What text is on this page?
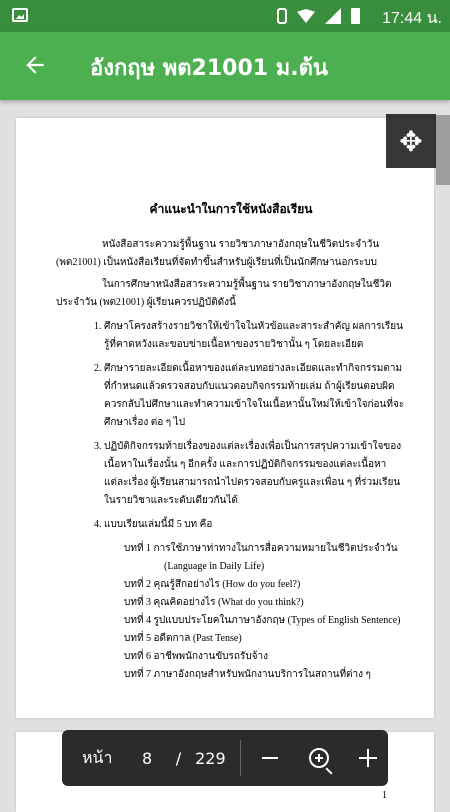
17:44 น.
อังกฤษ พต21001 ม.ต้น
คำแนะนำในการใช้หนังสือเรียน

หนังสือสาระความรู้พื้นฐาน รายวิชาภาษาอังกฤษในชีวิตประจำวัน (พต21001) เป็นหนังสือเรียนที่จัดทำขึ้นสำหรับผู้เรียนที่เป็นนักศึกษานอกระบบ

ในการศึกษาหนังสือสาระความรู้พื้นฐาน รายวิชาภาษาอังกฤษในชีวิตประจำวัน (พต21001) ผู้เรียนควรปฏิบัติดังนี้

1. ศึกษาโครงสร้างรายวิชาให้เข้าใจในหัวข้อและสาระสำคัญ ผลการเรียนรู้ที่คาดหวังและขอบข่ายเนื้อหาของรายวิชานั้น ๆ โดยละเอียด
2. ศึกษารายละเอียดเนื้อหาของแต่ละบทอย่างละเอียดและทำกิจกรรมตามที่กำหนดแล้วตรวจสอบกับแนวตอบกิจกรรมท้ายเล่ม ถ้าผู้เรียนตอบผิดควรกลับไปศึกษาและทำความเข้าใจในเนื้อหานั้นใหม่ให้เข้าใจก่อนที่จะศึกษาเรื่อง ต่อ ๆ ไป
3. ปฏิบัติกิจกรรมท้ายเรื่องของแต่ละเรื่องเพื่อเป็นการสรุปความเข้าใจของเนื้อหาในเรื่องนั้น ๆ อีกครั้ง และการปฏิบัติกิจกรรมของแต่ละเนื้อหา แต่ละเรื่อง ผู้เรียนสามารถนำไปตรวจสอบกับครูและเพื่อน ๆ ที่ร่วมเรียนในรายวิชาและระดับเดียวกันได้
4. แบบเรียนเล่มนี้มี 5 บท คือ
บทที่ 1 การใช้ภาษาท่าทางในการสื่อความหมายในชีวิตประจำวัน
(Language in Daily Life)
บทที่ 2 คุณรู้สึกอย่างไร (How do you feel?)
บทที่ 3 คุณคิดอย่างไร (What do you think?)
บทที่ 4 รูปแบบประโยคในภาษาอังกฤษ (Types of English Sentence)
บทที่ 5 อดีตกาล (Past Tense)
บทที่ 6 อาชีพพนักงานขับรถรับจ้าง
บทที่ 7 ภาษาอังกฤษสำหรับพนักงานบริการในสถานที่ต่าง ๆ
✥
1
หน้า	8	/ 229
